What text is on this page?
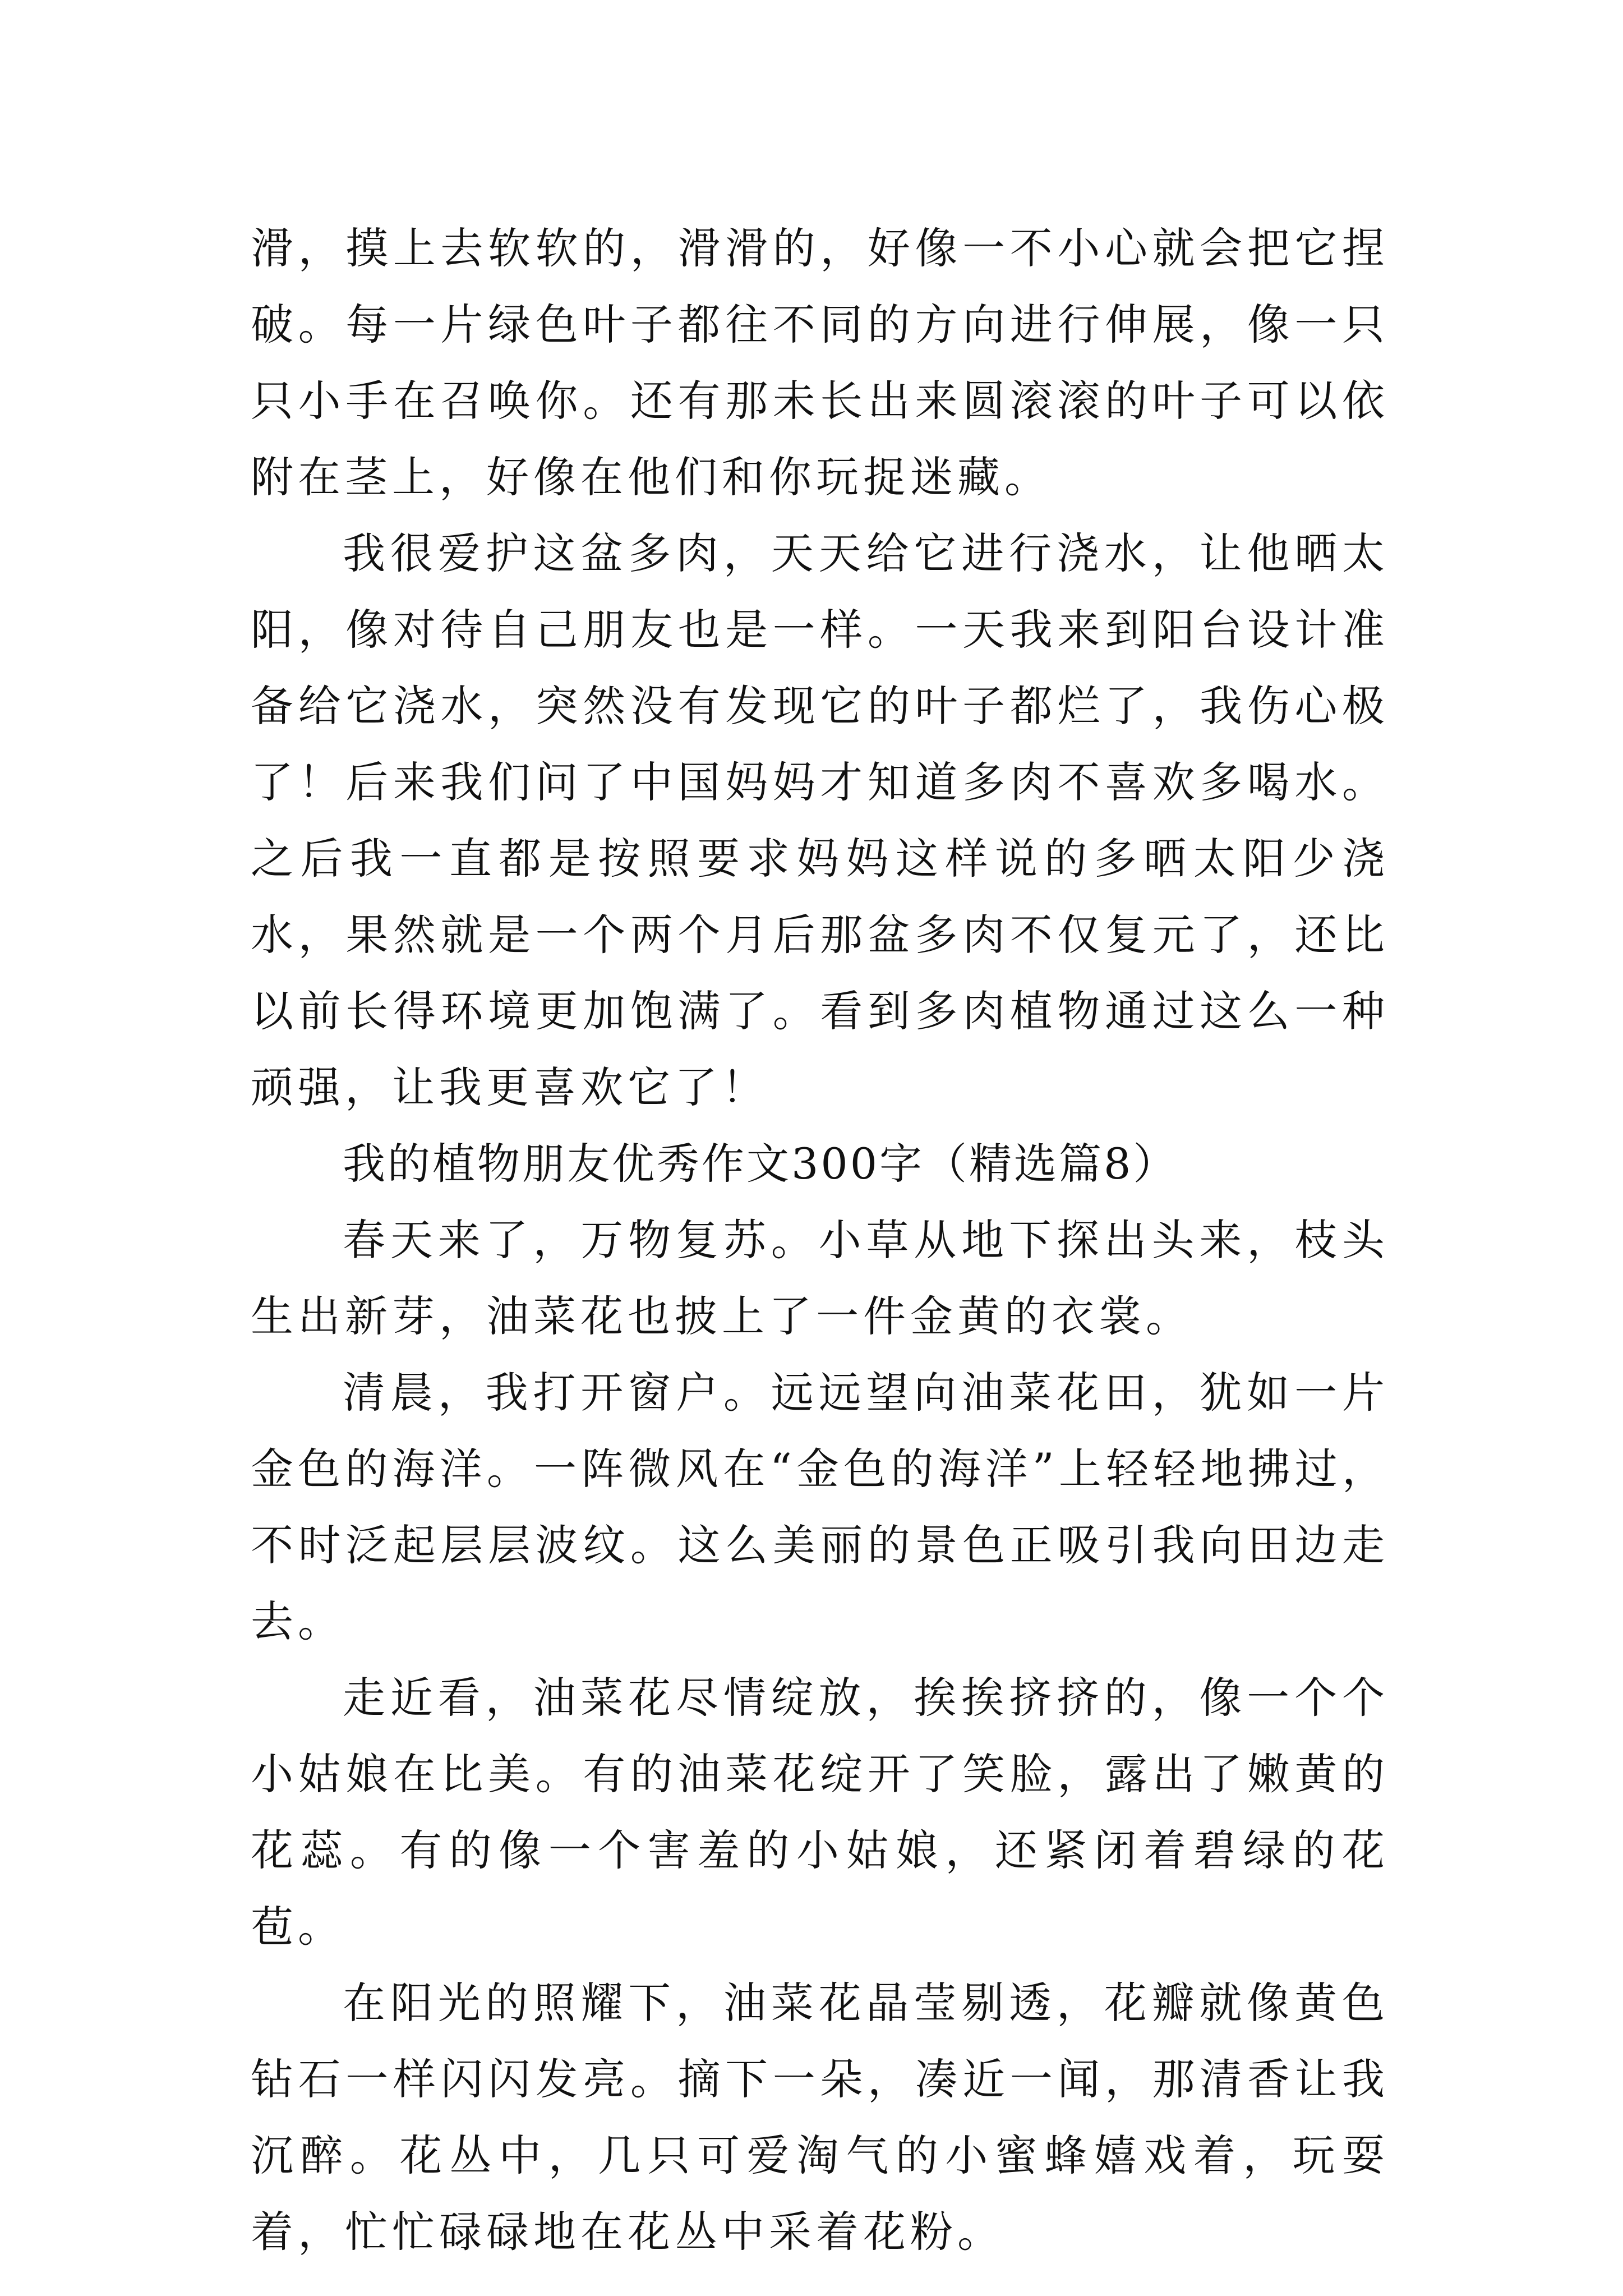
滑，摸上去软软的，滑滑的，好像一不小心就会把它捏破。每一片绿色叶子都往不同的方向进行伸展，像一只只小手在召唤你。还有那未长出来圆滚滚的叶子可以依附在茎上，好像在他们和你玩捉迷藏。

我很爱护这盆多肉，天天给它进行浇水，让他晒太阳，像对待自己朋友也是一样。一天我来到阳台设计准备给它浇水，突然没有发现它的叶子都烂了，我伤心极了！后来我们问了中国妈妈才知道多肉不喜欢多喝水。之后我一直都是按照要求妈妈这样说的多晒太阳少浇水，果然就是一个两个月后那盆多肉不仅复元了，还比以前长得环境更加饱满了。看到多肉植物通过这么一种顽强，让我更喜欢它了！

我的植物朋友优秀作文300字（精选篇8）

春天来了，万物复苏。小草从地下探出头来，枝头生出新芽，油菜花也披上了一件金黄的衣裳。

清晨，我打开窗户。远远望向油菜花田，犹如一片金色的海洋。一阵微风在“金色的海洋”上轻轻地拂过，不时泛起层层波纹。这么美丽的景色正吸引我向田边走去。

走近看，油菜花尽情绽放，挨挨挤挤的，像一个个小姑娘在比美。有的油菜花绽开了笑脸，露出了嫩黄的花蕊。有的像一个害羞的小姑娘，还紧闭着碧绿的花苞。

在阳光的照耀下，油菜花晶莹剔透，花瓣就像黄色钻石一样闪闪发亮。摘下一朵，凑近一闻，那清香让我沉醉。花丛中，几只可爱淘气的小蜜蜂嬉戏着，玩耍着，忙忙碌碌地在花丛中采着花粉。
